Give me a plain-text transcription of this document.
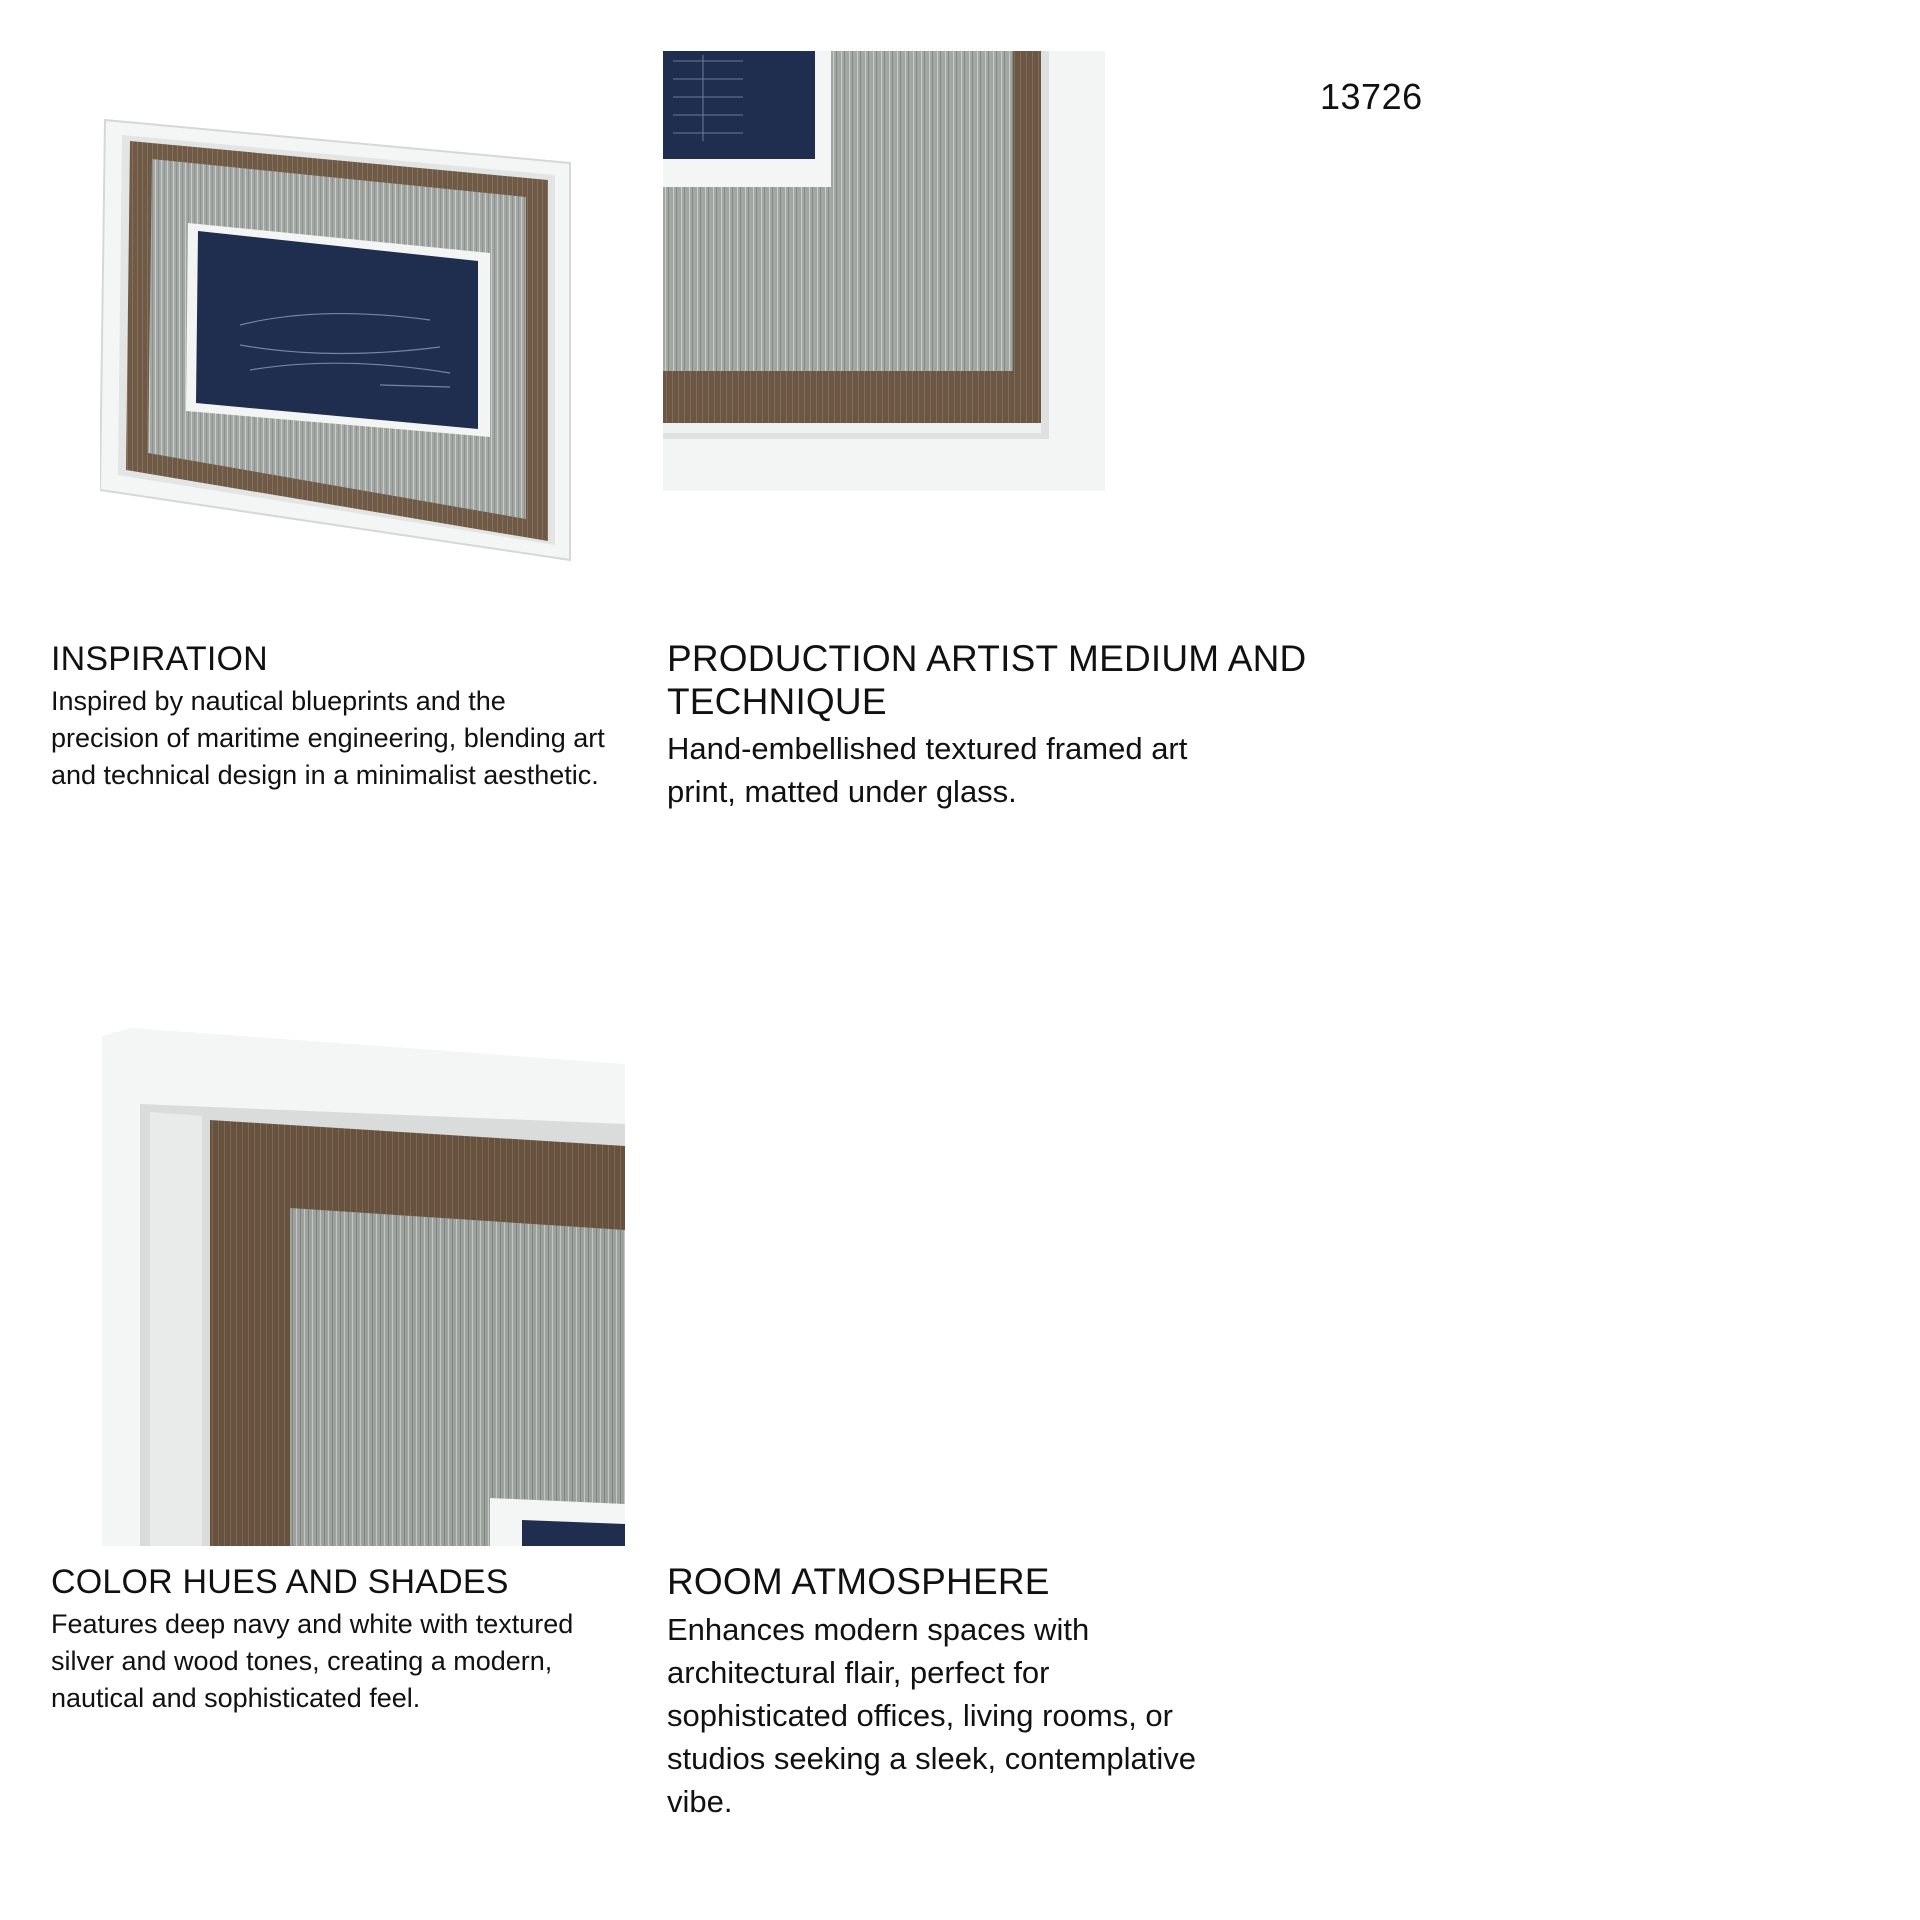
13726
INSPIRATION

Inspired by nautical blueprints and the precision of maritime engineering, blending art and technical design in a minimalist aesthetic.

PRODUCTION ARTIST MEDIUM AND TECHNIQUE

Hand-embellished textured framed art print, matted under glass.

COLOR HUES AND SHADES

Features deep navy and white with textured silver and wood tones, creating a modern, nautical and sophisticated feel.

ROOM ATMOSPHERE

Enhances modern spaces with architectural flair, perfect for sophisticated offices, living rooms, or studios seeking a sleek, contemplative vibe.
